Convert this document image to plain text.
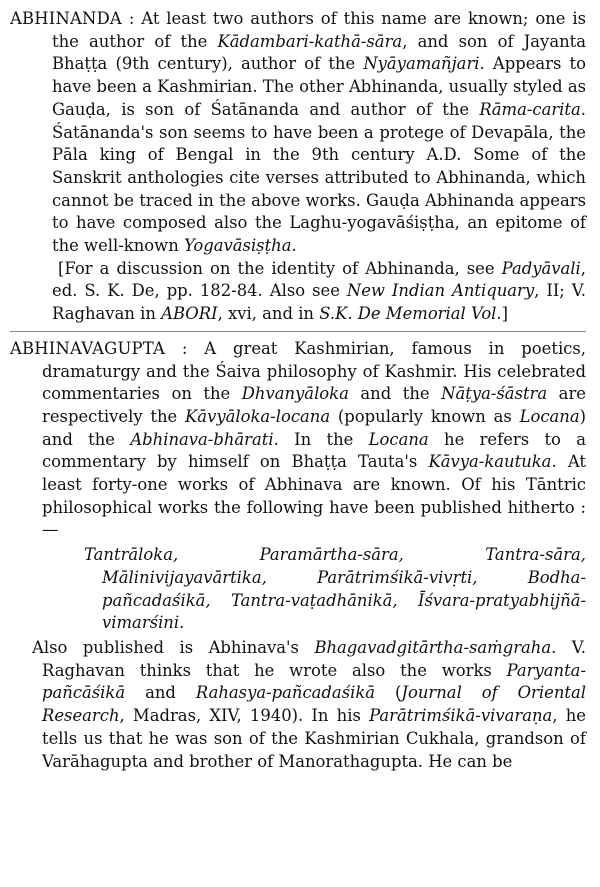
ABHINANDA : At least two authors of this name are known; one is the author of the Kādambari-kathā-sāra, and son of Jayanta Bhaṭṭa (9th century), author of the Nyāyamañjari. Appears to have been a Kashmirian. The other Abhinanda, usually styled as Gauḍa, is son of Śatānanda and author of the Rāma-carita. Śatānanda's son seems to have been a protege of Devapāla, the Pāla king of Bengal in the 9th century A.D. Some of the Sanskrit anthologies cite verses attributed to Abhinanda, which cannot be traced in the above works. Gauḍa Abhinanda appears to have composed also the Laghu-yogavāśiṣṭha, an epitome of the well-known Yogavāsiṣṭha.

[For a discussion on the identity of Abhinanda, see Padyāvali, ed. S. K. De, pp. 182-84. Also see New Indian Antiquary, II; V. Raghavan in ABORI, xvi, and in S.K. De Memorial Vol.]

ABHINAVAGUPTA : A great Kashmirian, famous in poetics, dramaturgy and the Śaiva philosophy of Kashmir. His celebrated commentaries on the Dhvanyāloka and the Nāṭya-śāstra are respectively the Kāvyāloka-locana (popularly known as Locana) and the Abhinava-bhārati. In the Locana he refers to a commentary by himself on Bhaṭṭa Tauta's Kāvya-kautuka. At least forty-one works of Abhinava are known. Of his Tāntric philosophical works the following have been published hitherto :—

Tantrāloka, Paramārtha-sāra, Tantra-sāra, Mālinivijayavārtika, Parātrimśikā-vivṛti, Bodha-pañcadaśikā, Tantra-vaṭadhānikā, Īśvara-pratyabhijñā-vimarśini.

Also published is Abhinava's Bhagavadgitārtha-saṁgraha. V. Raghavan thinks that he wrote also the works Paryanta-pañcāśikā and Rahasya-pañcadaśikā (Journal of Oriental Research, Madras, XIV, 1940). In his Parātrimśikā-vivaraṇa, he tells us that he was son of the Kashmirian Cukhala, grandson of Varāhagupta and brother of Manorathagupta. He can be
